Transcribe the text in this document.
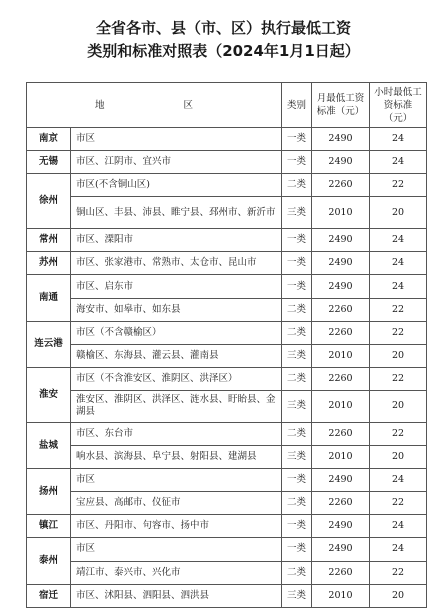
全省各市、县（市、区）执行最低工资
类别和标准对照表（2024年1月1日起）
地　　区		类别	月最低工资标准（元）	小时最低工资标准（元）
南京	市区	一类	2490	24
无锡	市区、江阴市、宜兴市	一类	2490	24
徐州	市区(不含铜山区)	二类	2260	22
	铜山区、丰县、沛县、睢宁县、邳州市、新沂市	三类	2010	20
常州	市区、溧阳市	一类	2490	24
苏州	市区、张家港市、常熟市、太仓市、昆山市	一类	2490	24
南通	市区、启东市	一类	2490	24
	海安市、如皋市、如东县	二类	2260	22
连云港	市区（不含赣榆区）	二类	2260	22
	赣榆区、东海县、灌云县、灌南县	三类	2010	20
淮安	市区（不含淮安区、淮阴区、洪泽区）	二类	2260	22
	淮安区、淮阴区、洪泽区、涟水县、盱眙县、金湖县	三类	2010	20
盐城	市区、东台市	二类	2260	22
	响水县、滨海县、阜宁县、射阳县、建湖县	三类	2010	20
扬州	市区	一类	2490	24
	宝应县、高邮市、仪征市	二类	2260	22
镇江	市区、丹阳市、句容市、扬中市	一类	2490	24
泰州	市区	一类	2490	24
	靖江市、泰兴市、兴化市	二类	2260	22
宿迁	市区、沭阳县、泗阳县、泗洪县	三类	2010	20
